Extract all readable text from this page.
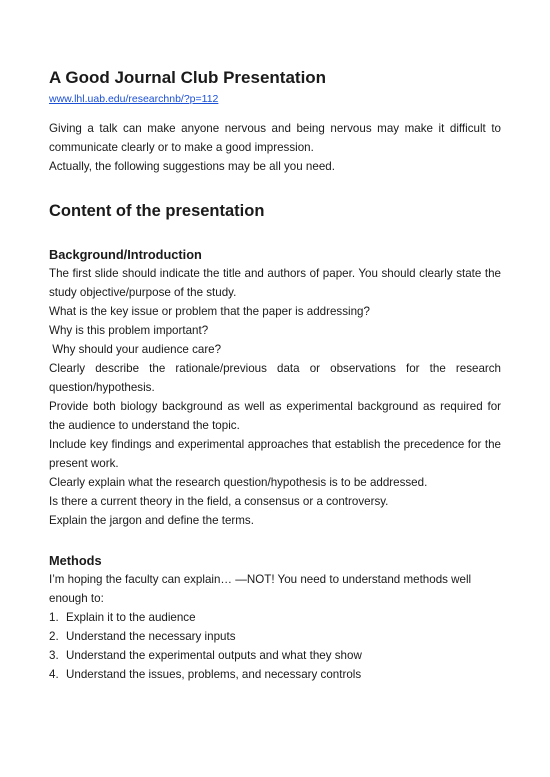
A Good Journal Club Presentation
www.lhl.uab.edu/researchnb/?p=112

Giving a talk can make anyone nervous and being nervous may make it difficult to communicate clearly or to make a good impression.

Actually, the following suggestions may be all you need.

Content of the presentation
Background/Introduction

The first slide should indicate the title and authors of paper. You should clearly state the study objective/purpose of the study.

What is the key issue or problem that the paper is addressing?

Why is this problem important?

Why should your audience care?

Clearly describe the rationale/previous data or observations for the research question/hypothesis.

Provide both biology background as well as experimental background as required for the audience to understand the topic.

Include key findings and experimental approaches that establish the precedence for the present work.

Clearly explain what the research question/hypothesis is to be addressed.

Is there a current theory in the field, a consensus or a controversy.

Explain the jargon and define the terms.

Methods

I’m hoping the faculty can explain… —NOT! You need to understand methods well enough to:

1. Explain it to the audience
2. Understand the necessary inputs
3. Understand the experimental outputs and what they show
4. Understand the issues, problems, and necessary controls
